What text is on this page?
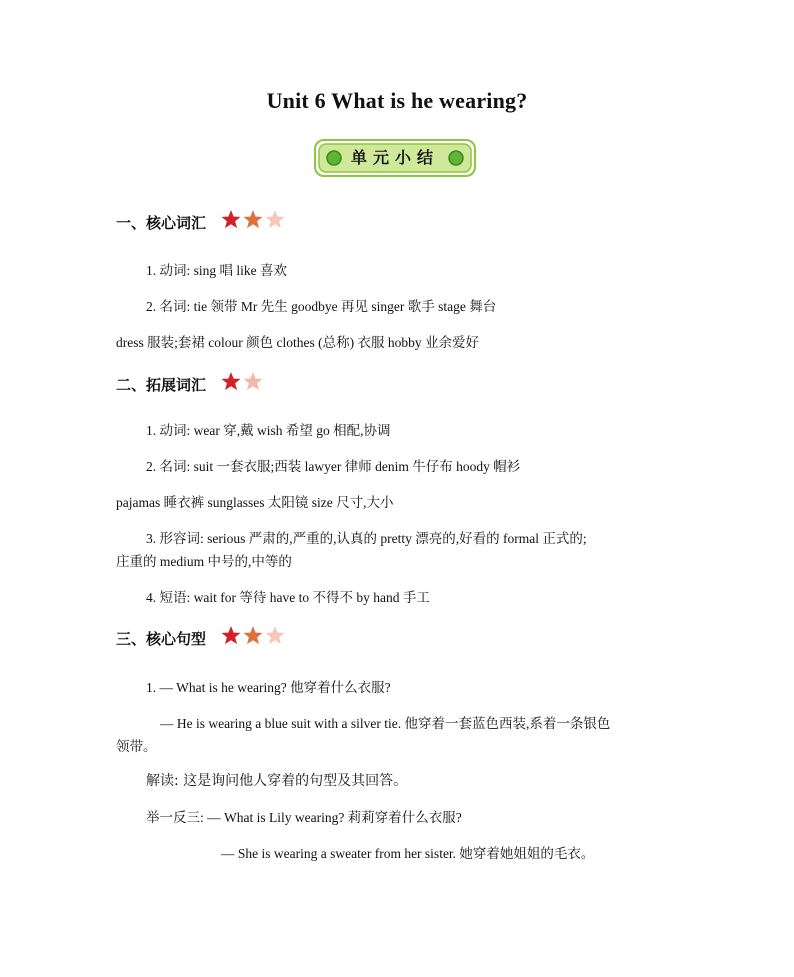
Unit 6 What is he wearing?
单元小结
一、核心词汇
1. 动词: sing 唱 like 喜欢
2. 名词: tie 领带 Mr 先生 goodbye 再见 singer 歌手 stage 舞台
dress 服装;套裙 colour 颜色 clothes (总称) 衣服 hobby 业余爱好
二、拓展词汇
1. 动词: wear 穿,戴 wish 希望 go 相配,协调
2. 名词: suit 一套衣服;西装 lawyer 律师 denim 牛仔布 hoody 帽衫
pajamas 睡衣裤 sunglasses 太阳镜 size 尺寸,大小
3. 形容词: serious 严肃的,严重的,认真的 pretty 漂亮的,好看的 formal 正式的;
庄重的 medium 中号的,中等的
4. 短语: wait for 等待 have to 不得不 by hand 手工
三、核心句型
1. — What is he wearing? 他穿着什么衣服?
— He is wearing a blue suit with a silver tie. 他穿着一套蓝色西装,系着一条银色
领带。
解读: 这是询问他人穿着的句型及其回答。
举一反三: — What is Lily wearing? 莉莉穿着什么衣服?
— She is wearing a sweater from her sister. 她穿着她姐姐的毛衣。
